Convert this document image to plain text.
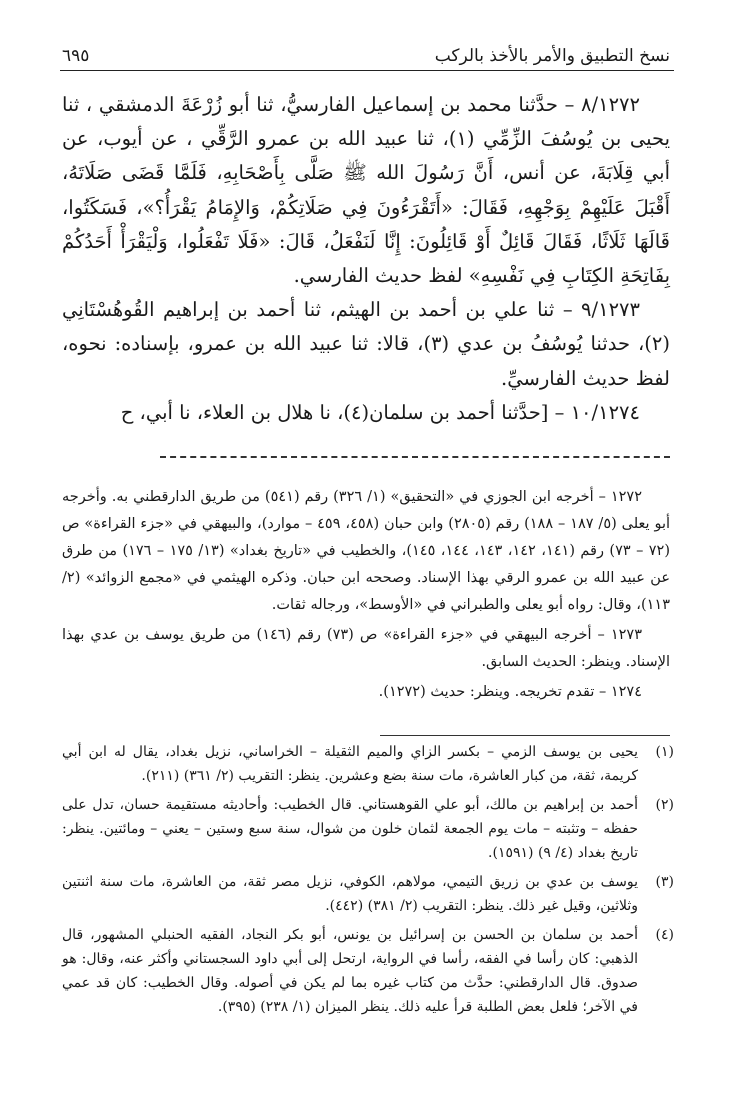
نسخ التطبيق والأمر بالأخذ بالركب
٦٩٥

٨/١٢٧٢ – حدَّثنا محمد بن إسماعيل الفارسيُّ، ثنا أبو زُرْعَةَ الدمشقي ، ثنا يحيى بن يُوسُفَ الزِّمِّي (١)، ثنا عبيد الله بن عمرو الرَّقِّي ، عن أيوب، عن أبي قِلَابَةَ، عن أنس، أَنَّ رَسُولَ الله ﷺ صَلَّى بِأَصْحَابِهِ، فَلَمَّا قَضَى صَلَاتَهُ، أَقْبَلَ عَلَيْهِمْ بِوَجْهِهِ، فَقَالَ: «أَتَقْرَءُونَ فِي صَلَاتِكُمْ، وَالإِمَامُ يَقْرَأُ؟»، فَسَكَتُوا، قَالَهَا ثَلَاثًا، فَقَالَ قَائِلٌ أَوْ قَائِلُونَ: إِنَّا لَنَفْعَلُ، قَالَ: «فَلَا تَفْعَلُوا، وَلْيَقْرَأْ أَحَدُكُمْ بِفَاتِحَةِ الكِتَابِ فِي نَفْسِهِ» لفظ حديث الفارسي.

٩/١٢٧٣ – ثنا علي بن أحمد بن الهيثم، ثنا أحمد بن إبراهيم القُوهُسْتَانِي (٢)، حدثنا يُوسُفُ بن عدي (٣)، قالا: ثنا عبيد الله بن عمرو، بإسناده: نحوه، لفظ حديث الفارسيِّ.

١٠/١٢٧٤ – [حدَّثنا أحمد بن سلمان(٤)، نا هلال بن العلاء، نا أبي، ح

١٢٧٢ – أخرجه ابن الجوزي في «التحقيق» (١/ ٣٢٦) رقم (٥٤١) من طريق الدارقطني به. وأخرجه أبو يعلى (٥/ ١٨٧ – ١٨٨) رقم (٢٨٠٥) وابن حبان (٤٥٨، ٤٥٩ – موارد)، والبيهقي في «جزء القراءة» ص (٧٢ – ٧٣) رقم (١٤١، ١٤٢، ١٤٣، ١٤٤، ١٤٥)، والخطيب في «تاريخ بغداد» (١٣/ ١٧٥ – ١٧٦) من طرق عن عبيد الله بن عمرو الرقي بهذا الإسناد. وصححه ابن حبان. وذكره الهيثمي في «مجمع الزوائد» (٢/ ١١٣)، وقال: رواه أبو يعلى والطبراني في «الأوسط»، ورجاله ثقات.

١٢٧٣ – أخرجه البيهقي في «جزء القراءة» ص (٧٣) رقم (١٤٦) من طريق يوسف بن عدي بهذا الإسناد. وينظر: الحديث السابق.

١٢٧٤ – تقدم تخريجه. وينظر: حديث (١٢٧٢).

(١)
يحيى بن يوسف الزمي – بكسر الزاي والميم الثقيلة – الخراساني، نزيل بغداد، يقال له ابن أبي كريمة، ثقة، من كبار العاشرة، مات سنة بضع وعشرين. ينظر: التقريب (٢/ ٣٦١) (٢١١).
(٢)
أحمد بن إبراهيم بن مالك، أبو علي القوهستاني. قال الخطيب: وأحاديثه مستقيمة حسان، تدل على حفظه – وتثبته – مات يوم الجمعة لثمان خلون من شوال، سنة سبع وستين – يعني – ومائتين. ينظر: تاريخ بغداد (٤/ ٩) (١٥٩١).
(٣)
يوسف بن عدي بن زريق التيمي، مولاهم، الكوفي، نزيل مصر ثقة، من العاشرة، مات سنة اثنتين وثلاثين، وقيل غير ذلك. ينظر: التقريب (٢/ ٣٨١) (٤٤٢).
(٤)
أحمد بن سلمان بن الحسن بن إسرائيل بن يونس، أبو بكر النجاد، الفقيه الحنبلي المشهور، قال الذهبي: كان رأسا في الفقه، رأسا في الرواية، ارتحل إلى أبي داود السجستاني وأكثر عنه، وقال: هو صدوق. قال الدارقطني: حدَّث من كتاب غيره بما لم يكن في أصوله. وقال الخطيب: كان قد عمي في الآخر؛ فلعل بعض الطلبة قرأ عليه ذلك. ينظر الميزان (١/ ٢٣٨) (٣٩٥).
